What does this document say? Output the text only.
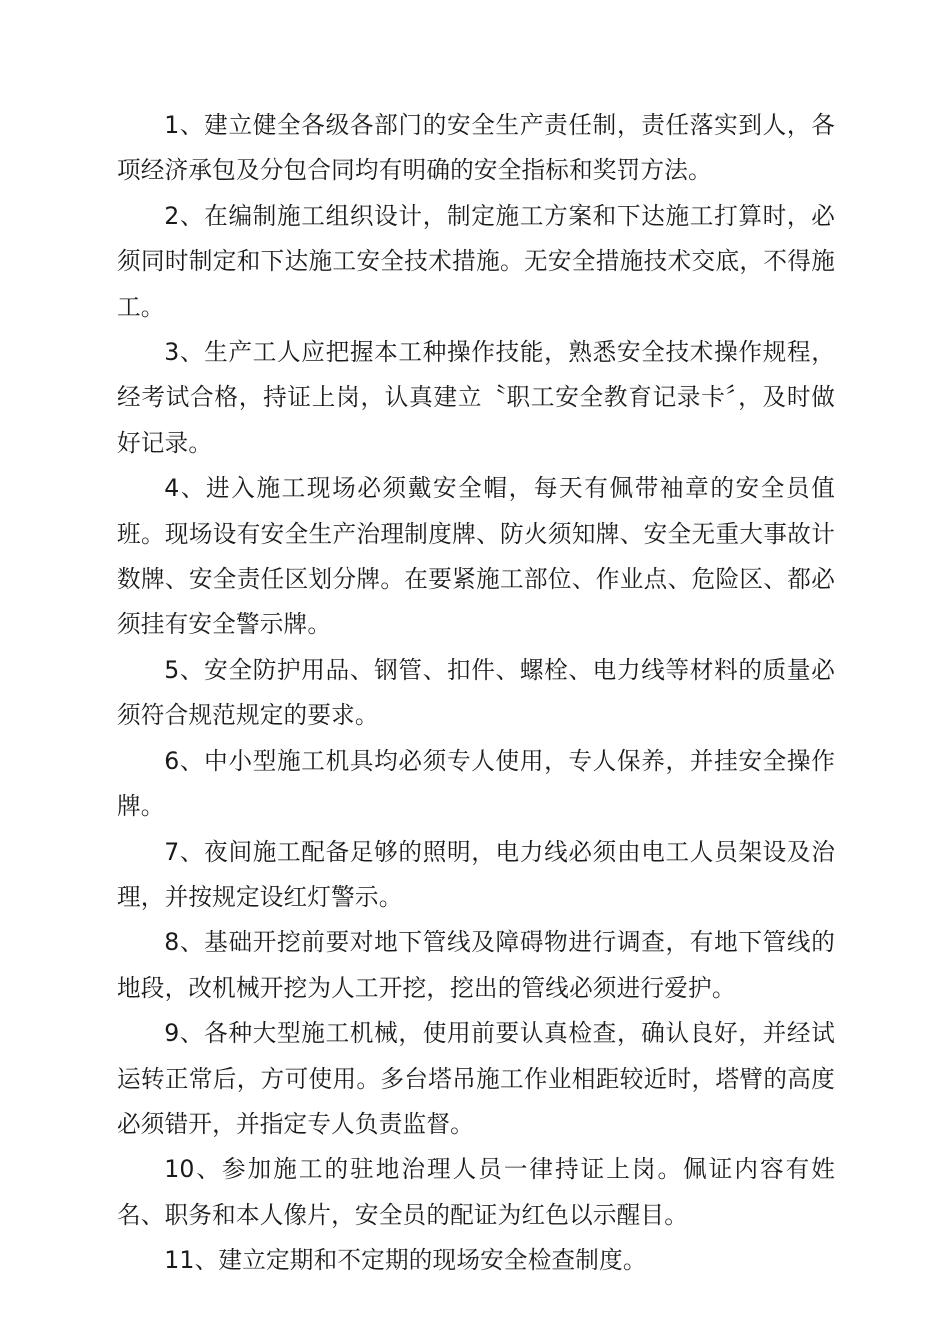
1、建立健全各级各部门的安全生产责任制，责任落实到人，各项经济承包及分包合同均有明确的安全指标和奖罚方法。

2、在编制施工组织设计，制定施工方案和下达施工打算时，必须同时制定和下达施工安全技术措施。无安全措施技术交底，不得施工。

3、生产工人应把握本工种操作技能，熟悉安全技术操作规程，经考试合格，持证上岗，认真建立〝职工安全教育记录卡〞，及时做好记录。

4、进入施工现场必须戴安全帽，每天有佩带袖章的安全员值班。现场设有安全生产治理制度牌、防火须知牌、安全无重大事故计数牌、安全责任区划分牌。在要紧施工部位、作业点、危险区、都必须挂有安全警示牌。

5、安全防护用品、钢管、扣件、螺栓、电力线等材料的质量必须符合规范规定的要求。

6、中小型施工机具均必须专人使用，专人保养，并挂安全操作牌。

7、夜间施工配备足够的照明，电力线必须由电工人员架设及治理，并按规定设红灯警示。

8、基础开挖前要对地下管线及障碍物进行调查，有地下管线的地段，改机械开挖为人工开挖，挖出的管线必须进行爱护。

9、各种大型施工机械，使用前要认真检查，确认良好，并经试运转正常后，方可使用。多台塔吊施工作业相距较近时，塔臂的高度必须错开，并指定专人负责监督。

10、参加施工的驻地治理人员一律持证上岗。佩证内容有姓名、职务和本人像片，安全员的配证为红色以示醒目。

11、建立定期和不定期的现场安全检查制度。
